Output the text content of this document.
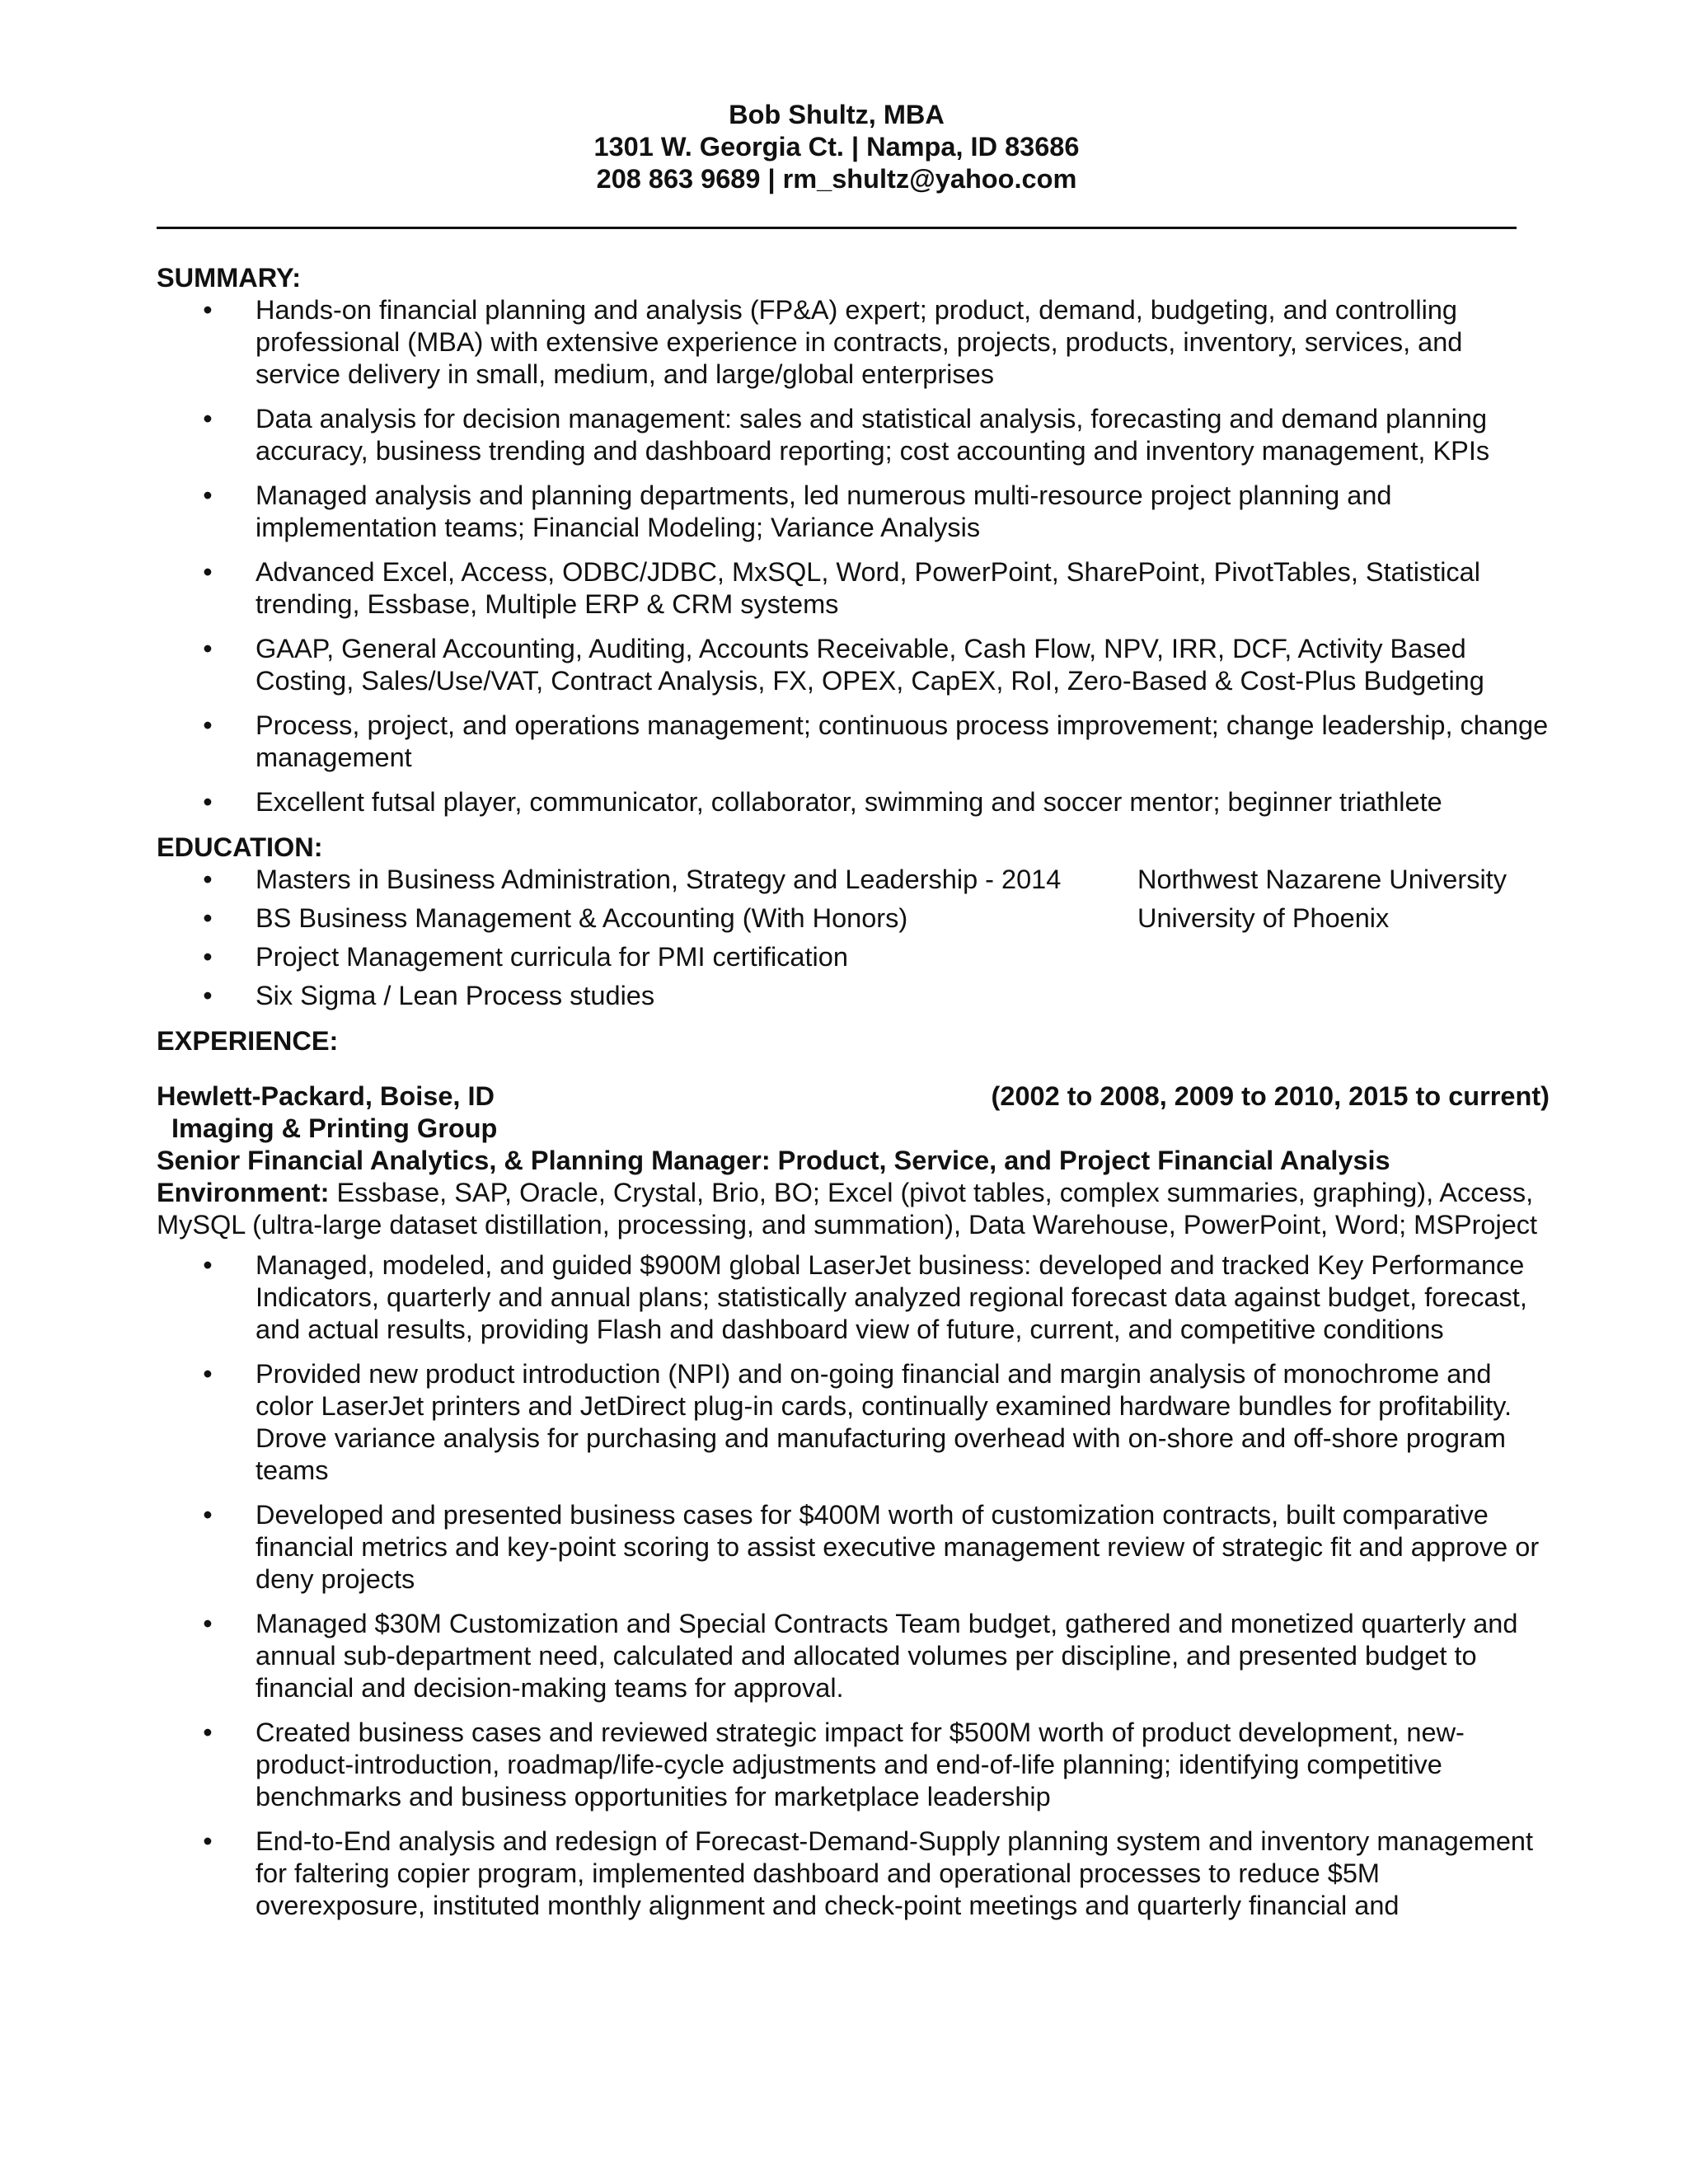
Bob Shultz, MBA
1301 W. Georgia Ct. | Nampa, ID 83686
208 863 9689 | rm_shultz@yahoo.com
SUMMARY:
• Hands-on financial planning and analysis (FP&A) expert; product, demand, budgeting, and controlling professional (MBA) with extensive experience in contracts, projects, products, inventory, services, and service delivery in small, medium, and large/global enterprises
• Data analysis for decision management: sales and statistical analysis, forecasting and demand planning accuracy, business trending and dashboard reporting; cost accounting and inventory management, KPIs
• Managed analysis and planning departments, led numerous multi-resource project planning and implementation teams; Financial Modeling; Variance Analysis
• Advanced Excel, Access, ODBC/JDBC, MxSQL, Word, PowerPoint, SharePoint, PivotTables, Statistical trending, Essbase, Multiple ERP & CRM systems
• GAAP, General Accounting, Auditing, Accounts Receivable, Cash Flow, NPV, IRR, DCF, Activity Based Costing, Sales/Use/VAT, Contract Analysis, FX, OPEX, CapEX, RoI, Zero-Based & Cost-Plus Budgeting
• Process, project, and operations management; continuous process improvement; change leadership, change management
• Excellent futsal player, communicator, collaborator, swimming and soccer mentor; beginner triathlete
EDUCATION:
• Masters in Business Administration, Strategy and Leadership - 2014	Northwest Nazarene University
• BS Business Management & Accounting (With Honors)	University of Phoenix
• Project Management curricula for PMI certification
• Six Sigma / Lean Process studies
EXPERIENCE:
Hewlett-Packard, Boise, ID	(2002 to 2008, 2009 to 2010, 2015 to current)
Imaging & Printing Group
Senior Financial Analytics, & Planning Manager: Product, Service, and Project Financial Analysis
Environment: Essbase, SAP, Oracle, Crystal, Brio, BO; Excel (pivot tables, complex summaries, graphing), Access, MySQL (ultra-large dataset distillation, processing, and summation), Data Warehouse, PowerPoint, Word; MSProject
• Managed, modeled, and guided $900M global LaserJet business: developed and tracked Key Performance Indicators, quarterly and annual plans; statistically analyzed regional forecast data against budget, forecast, and actual results, providing Flash and dashboard view of future, current, and competitive conditions
• Provided new product introduction (NPI) and on-going financial and margin analysis of monochrome and color LaserJet printers and JetDirect plug-in cards, continually examined hardware bundles for profitability. Drove variance analysis for purchasing and manufacturing overhead with on-shore and off-shore program teams
• Developed and presented business cases for $400M worth of customization contracts, built comparative financial metrics and key-point scoring to assist executive management review of strategic fit and approve or deny projects
• Managed $30M Customization and Special Contracts Team budget, gathered and monetized quarterly and annual sub-department need, calculated and allocated volumes per discipline, and presented budget to financial and decision-making teams for approval.
• Created business cases and reviewed strategic impact for $500M worth of product development, new-product-introduction, roadmap/life-cycle adjustments and end-of-life planning; identifying competitive benchmarks and business opportunities for marketplace leadership
• End-to-End analysis and redesign of Forecast-Demand-Supply planning system and inventory management for faltering copier program, implemented dashboard and operational processes to reduce $5M overexposure, instituted monthly alignment and check-point meetings and quarterly financial and
